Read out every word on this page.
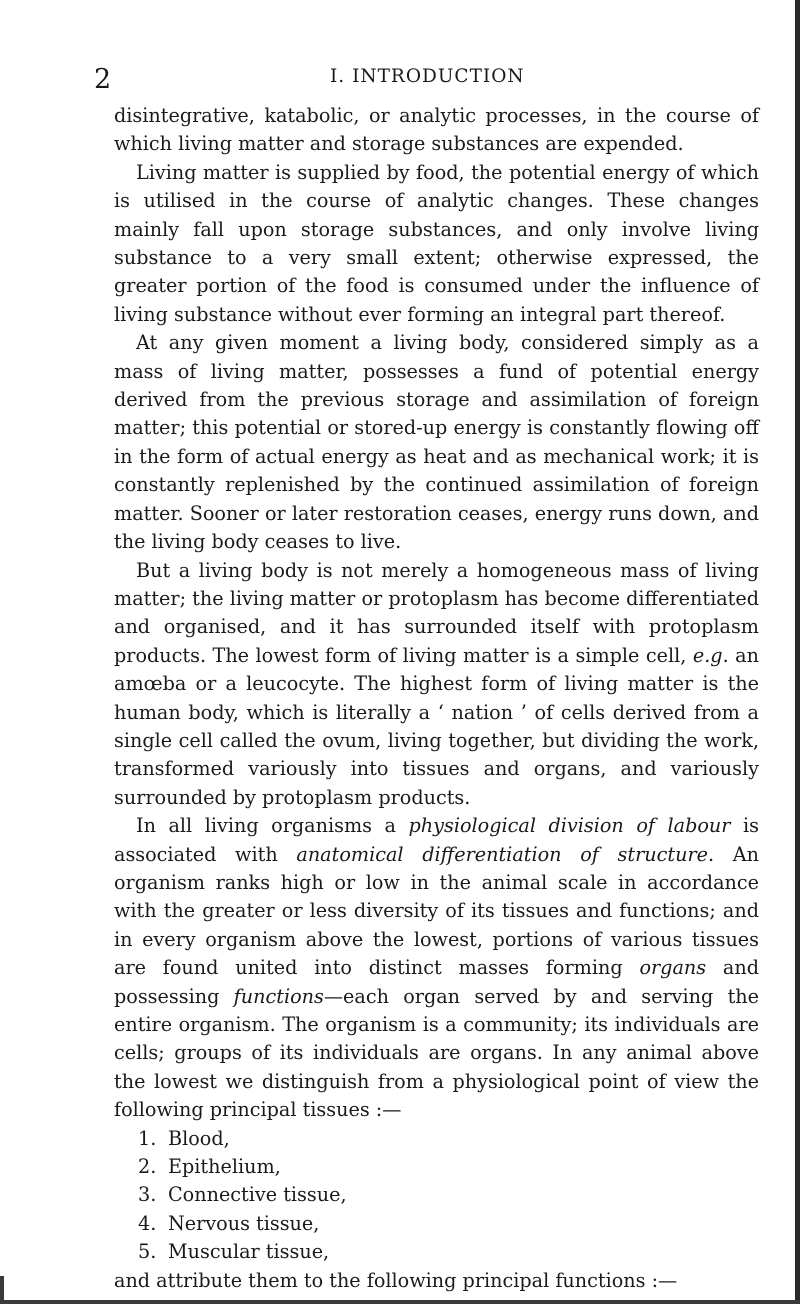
2	I. INTRODUCTION

disintegrative, katabolic, or analytic processes, in the course of which living matter and storage substances are expended.

Living matter is supplied by food, the potential energy of which is utilised in the course of analytic changes. These changes mainly fall upon storage substances, and only involve living substance to a very small extent; otherwise expressed, the greater portion of the food is consumed under the influence of living substance without ever forming an integral part thereof.

At any given moment a living body, considered simply as a mass of living matter, possesses a fund of potential energy derived from the previous storage and assimilation of foreign matter; this potential or stored-up energy is constantly flowing off in the form of actual energy as heat and as mechanical work; it is constantly replenished by the continued assimilation of foreign matter. Sooner or later restoration ceases, energy runs down, and the living body ceases to live.

But a living body is not merely a homogeneous mass of living matter; the living matter or protoplasm has become differentiated and organised, and it has surrounded itself with protoplasm products. The lowest form of living matter is a simple cell, e.g. an amœba or a leucocyte. The highest form of living matter is the human body, which is literally a ‘ nation ’ of cells derived from a single cell called the ovum, living together, but dividing the work, transformed variously into tissues and organs, and variously surrounded by protoplasm products.

In all living organisms a physiological division of labour is associated with anatomical differentiation of structure. An organism ranks high or low in the animal scale in accordance with the greater or less diversity of its tissues and functions; and in every organism above the lowest, portions of various tissues are found united into distinct masses forming organs and possessing functions—each organ served by and serving the entire organism. The organism is a community; its individuals are cells; groups of its individuals are organs. In any animal above the lowest we distinguish from a physiological point of view the following principal tissues :—

1. Blood,
2. Epithelium,
3. Connective tissue,
4. Nervous tissue,
5. Muscular tissue,

and attribute them to the following principal functions :—
